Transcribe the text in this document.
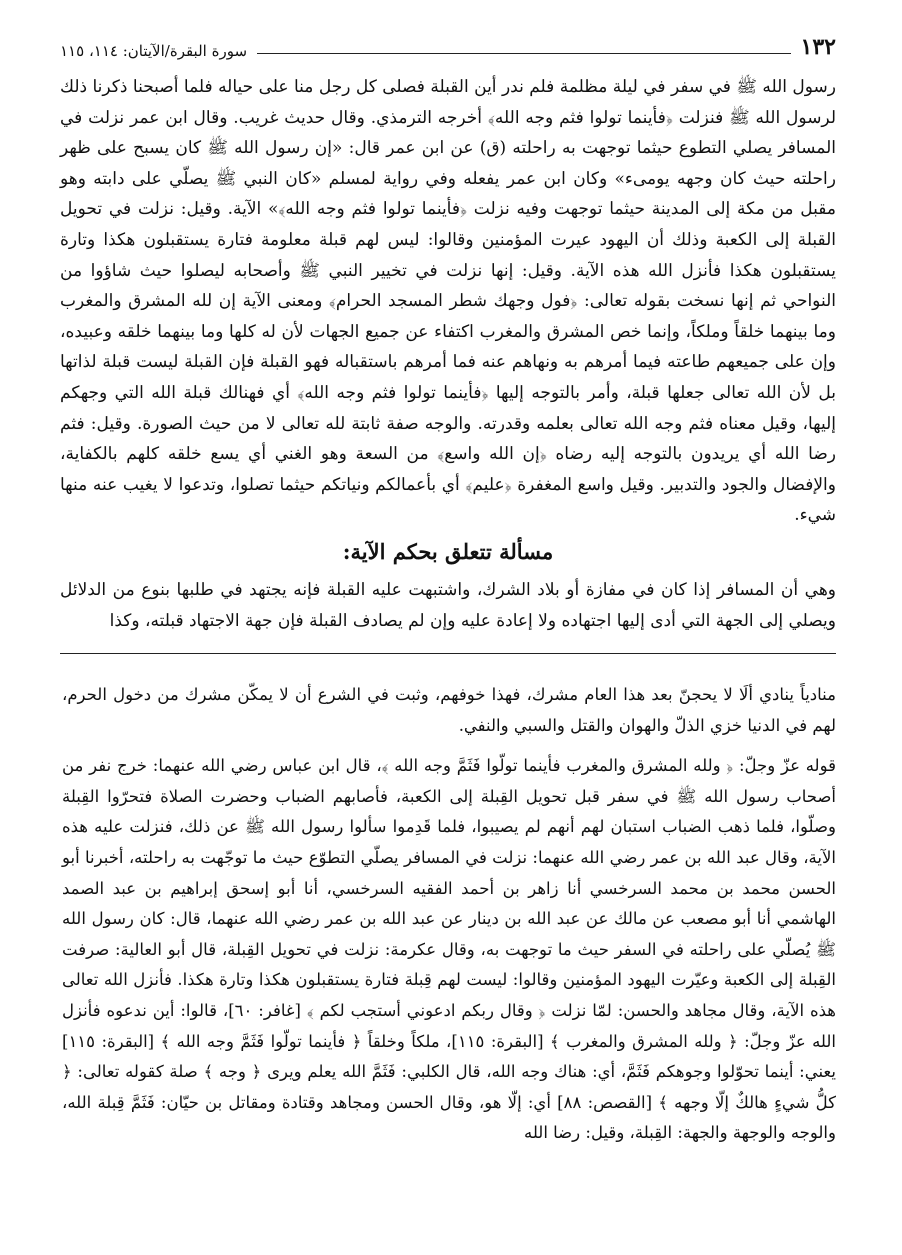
١٣٢
سورة البقرة/الآيتان: ١١٤، ١١٥

رسول الله ﷺ في سفر في ليلة مظلمة فلم ندر أين القبلة فصلى كل رجل منا على حياله فلما أصبحنا ذكرنا ذلك لرسول الله ﷺ فنزلت ﴿فأينما تولوا فثم وجه الله﴾ أخرجه الترمذي. وقال حديث غريب. وقال ابن عمر نزلت في المسافر يصلي التطوع حيثما توجهت به راحلته (ق) عن ابن عمر قال: «إن رسول الله ﷺ كان يسبح على ظهر راحلته حيث كان وجهه يومىء» وكان ابن عمر يفعله وفي رواية لمسلم «كان النبي ﷺ يصلّي على دابته وهو مقبل من مكة إلى المدينة حيثما توجهت وفيه نزلت ﴿فأينما تولوا فثم وجه الله﴾» الآية. وقيل: نزلت في تحويل القبلة إلى الكعبة وذلك أن اليهود عيرت المؤمنين وقالوا: ليس لهم قبلة معلومة فتارة يستقبلون هكذا وتارة يستقبلون هكذا فأنزل الله هذه الآية. وقيل: إنها نزلت في تخيير النبي ﷺ وأصحابه ليصلوا حيث شاؤوا من النواحي ثم إنها نسخت بقوله تعالى: ﴿فول وجهك شطر المسجد الحرام﴾ ومعنى الآية إن لله المشرق والمغرب وما بينهما خلقاً وملكاً، وإنما خص المشرق والمغرب اكتفاء عن جميع الجهات لأن له كلها وما بينهما خلقه وعبيده، وإن على جميعهم طاعته فيما أمرهم به ونهاهم عنه فما أمرهم باستقباله فهو القبلة فإن القبلة ليست قبلة لذاتها بل لأن الله تعالى جعلها قبلة، وأمر بالتوجه إليها ﴿فأينما تولوا فثم وجه الله﴾ أي فهنالك قبلة الله التي وجهكم إليها، وقيل معناه فثم وجه الله تعالى بعلمه وقدرته. والوجه صفة ثابتة لله تعالى لا من حيث الصورة. وقيل: فثم رضا الله أي يريدون بالتوجه إليه رضاه ﴿إن الله واسع﴾ من السعة وهو الغني أي يسع خلقه كلهم بالكفاية، والإفضال والجود والتدبير. وقيل واسع المغفرة ﴿عليم﴾ أي بأعمالكم ونياتكم حيثما تصلوا، وتدعوا لا يغيب عنه منها شيء.

مسألة تتعلق بحكم الآية:

وهي أن المسافر إذا كان في مفازة أو بلاد الشرك، واشتبهت عليه القبلة فإنه يجتهد في طلبها بنوع من الدلائل ويصلي إلى الجهة التي أدى إليها اجتهاده ولا إعادة عليه وإن لم يصادف القبلة فإن جهة الاجتهاد قبلته، وكذا

منادياً ينادي ألَا لا يحجنّ بعد هذا العام مشرك، فهذا خوفهم، وثبت في الشرع أن لا يمكّن مشرك من دخول الحرم، لهم في الدنيا خزي الذلّ والهوان والقتل والسبي والنفي.

قوله عزّ وجلّ: ﴿ ولله المشرق والمغرب فأينما تولّوا فَثَمَّ وجه الله ﴾، قال ابن عباس رضي الله عنهما: خرج نفر من أصحاب رسول الله ﷺ في سفر قبل تحويل القِبلة إلى الكعبة، فأصابهم الضباب وحضرت الصلاة فتحرّوا القِبلة وصلّوا، فلما ذهب الضباب استبان لهم أنهم لم يصيبوا، فلما قَدِموا سألوا رسول الله ﷺ عن ذلك، فنزلت عليه هذه الآية، وقال عبد الله بن عمر رضي الله عنهما: نزلت في المسافر يصلّي التطوّع حيث ما توجّهت به راحلته، أخبرنا أبو الحسن محمد بن محمد السرخسي أنا زاهر بن أحمد الفقيه السرخسي، أنا أبو إسحق إبراهيم بن عبد الصمد الهاشمي أنا أبو مصعب عن مالك عن عبد الله بن دينار عن عبد الله بن عمر رضي الله عنهما، قال: كان رسول الله ﷺ يُصلّي على راحلته في السفر حيث ما توجهت به، وقال عكرمة: نزلت في تحويل القِبلة، قال أبو العالية: صرفت القِبلة إلى الكعبة وعيّرت اليهود المؤمنين وقالوا: ليست لهم قِبلة فتارة يستقبلون هكذا وتارة هكذا. فأنزل الله تعالى هذه الآية، وقال مجاهد والحسن: لمّا نزلت ﴿ وقال ربكم ادعوني أستجب لكم ﴾ [غافر: ٦٠]، قالوا: أين ندعوه فأنزل الله عزّ وجلّ: ﴿ ولله المشرق والمغرب ﴾ [البقرة: ١١٥]، ملكاً وخلقاً ﴿ فأينما تولّوا فَثَمَّ وجه الله ﴾ [البقرة: ١١٥] يعني: أينما تحوّلوا وجوهكم فَثَمَّ، أي: هناك وجه الله، قال الكلبي: فَثَمَّ الله يعلم ويرى ﴿ وجه ﴾ صلة كقوله تعالى: ﴿ كلُّ شيءٍ هالكٌ إلّا وجهه ﴾ [القصص: ٨٨] أي: إلّا هو، وقال الحسن ومجاهد وقتادة ومقاتل بن حيّان: فَثَمَّ قِبلة الله، والوجه والوجهة والجهة: القِبلة، وقيل: رضا الله
